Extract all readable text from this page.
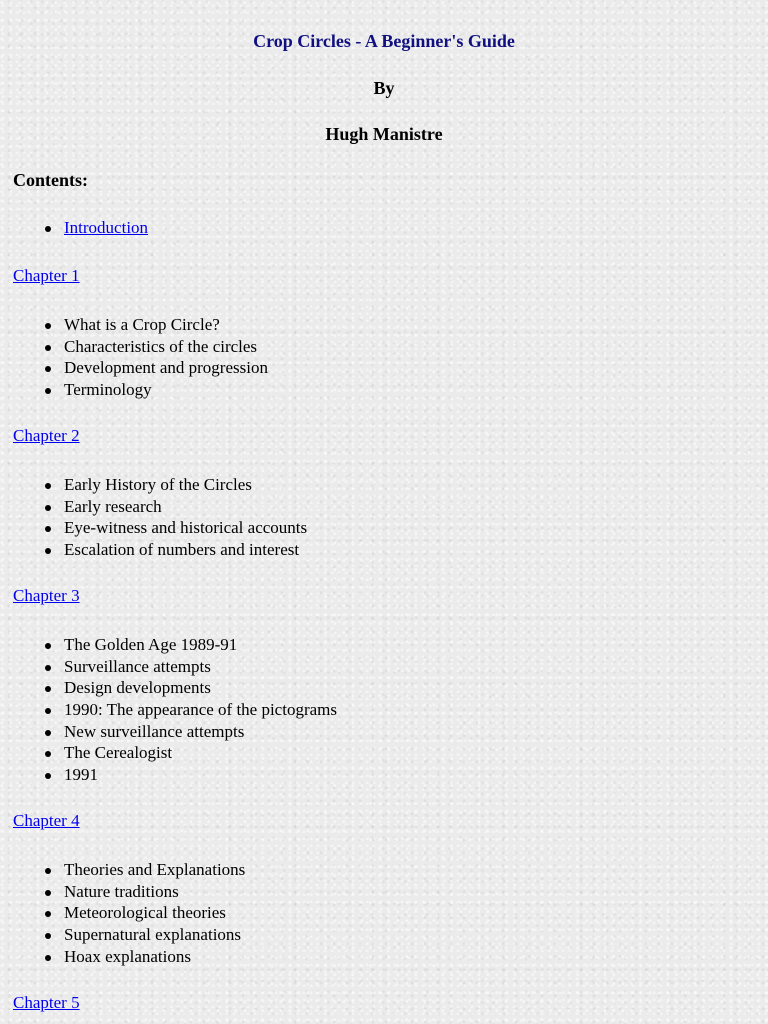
Crop Circles - A Beginner's Guide
By
Hugh Manistre

Contents:

Introduction
Chapter 1
What is a Crop Circle?
Characteristics of the circles
Development and progression
Terminology
Chapter 2
Early History of the Circles
Early research
Eye-witness and historical accounts
Escalation of numbers and interest
Chapter 3
The Golden Age 1989-91
Surveillance attempts
Design developments
1990: The appearance of the pictograms
New surveillance attempts
The Cerealogist
1991
Chapter 4
Theories and Explanations
Nature traditions
Meteorological theories
Supernatural explanations
Hoax explanations
Chapter 5
